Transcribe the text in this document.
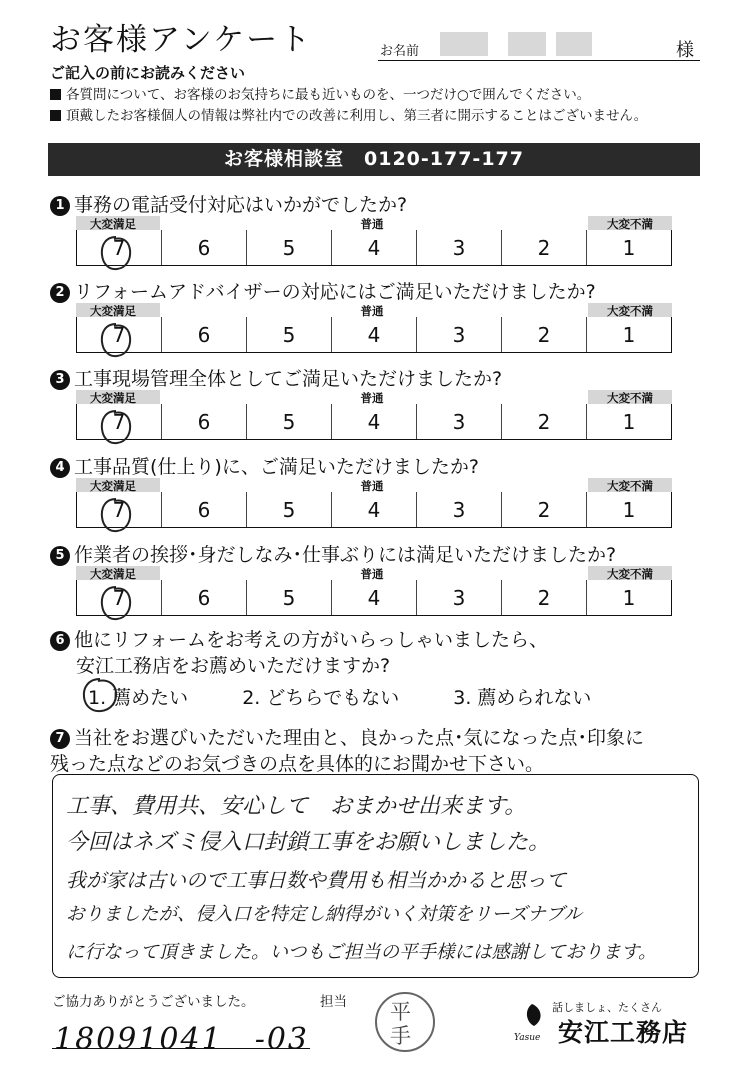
お客様アンケート	お名前	様
ご記入の前にお読みください
各質問について、お客様のお気持ちに最も近いものを、一つだけ○で囲んでください。
頂戴したお客様個人の情報は弊社内での改善に利用し、第三者に開示することはございません。
お客様相談室　0120-177-177
1 事務の電話受付対応はいかがでしたか?
大変満足	普通	大変不満
7	6	5	4	3	2	1
2 リフォームアドバイザーの対応にはご満足いただけましたか?
大変満足	普通	大変不満
7	6	5	4	3	2	1
3 工事現場管理全体としてご満足いただけましたか?
大変満足	普通	大変不満
7	6	5	4	3	2	1
4 工事品質(仕上り)に、ご満足いただけましたか?
大変満足	普通	大変不満
7	6	5	4	3	2	1
5 作業者の挨拶･身だしなみ･仕事ぶりには満足いただけましたか?
大変満足	普通	大変不満
7	6	5	4	3	2	1
6 他にリフォームをお考えの方がいらっしゃいましたら、
安江工務店をお薦めいただけますか?
1. 薦めたい	2. どちらでもない	3. 薦められない
7 当社をお選びいただいた理由と、良かった点･気になった点･印象に
残った点などのお気づきの点を具体的にお聞かせ下さい。
工事、費用共、安心して　おまかせ出来ます。
今回はネズミ侵入口封鎖工事をお願いしました。
我が家は古いので工事日数や費用も相当かかると思って
おりましたが、侵入口を特定し納得がいく対策をリーズナブル
に行なって頂きました。いつもご担当の平手様には感謝しております。
ご協力ありがとうございました。	担当
18091041　-03
平
手	Yasue
話しましょ、たくさん
安江工務店
